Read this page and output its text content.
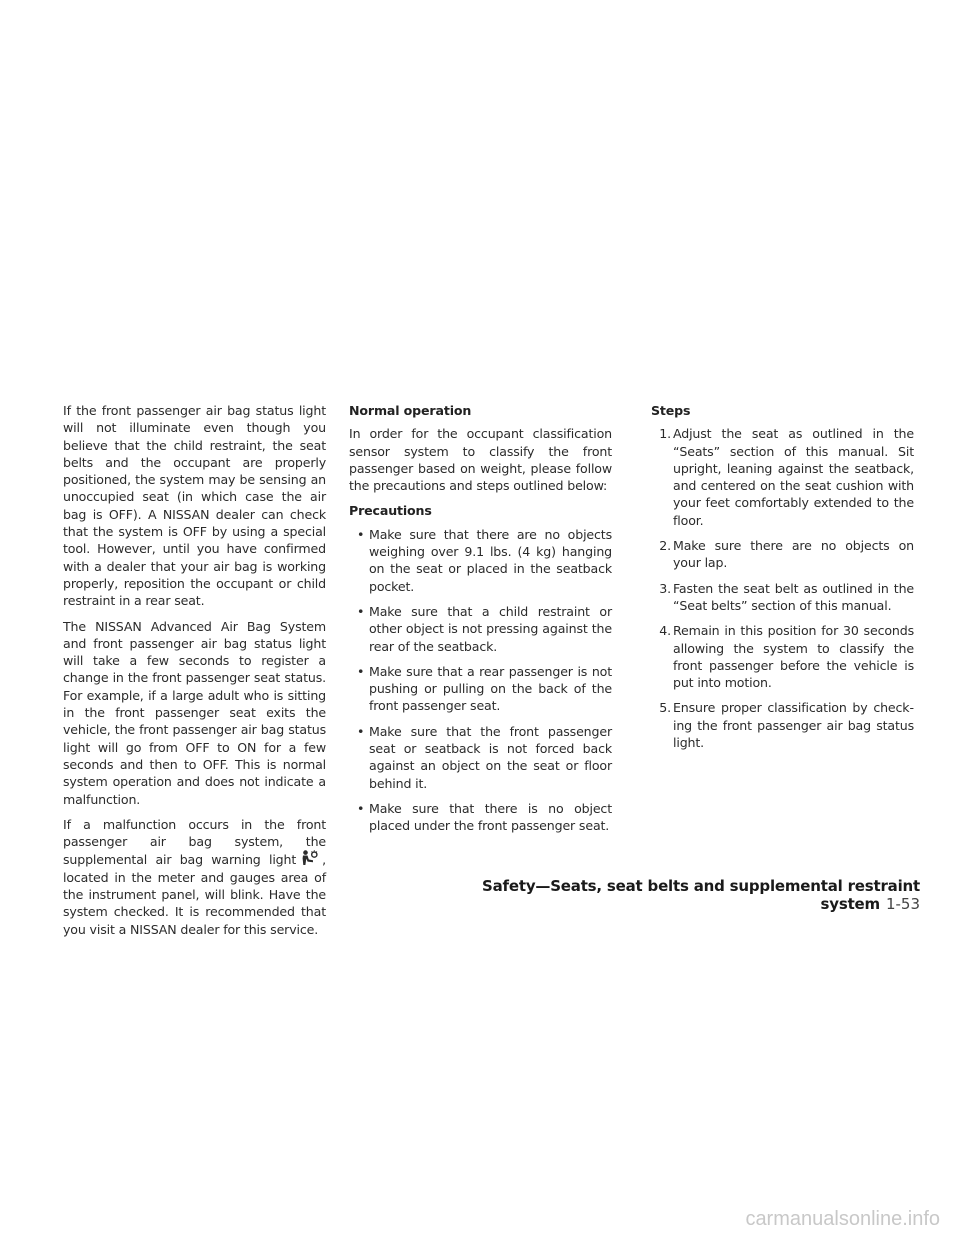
If the front passenger air bag status light will not illuminate even though you believe that the child restraint, the seat belts and the occupant are properly positioned, the system may be sensing an unoccupied seat (in which case the air bag is OFF). A NISSAN dealer can check that the system is OFF by using a special tool. However, until you have confirmed with a dealer that your air bag is working properly, reposition the occupant or child restraint in a rear seat.

The NISSAN Advanced Air Bag System and front passenger air bag status light will take a few seconds to register a change in the front passenger seat status. For example, if a large adult who is sitting in the front passenger seat exits the vehicle, the front passenger air bag status light will go from OFF to ON for a few seconds and then to OFF. This is normal system operation and does not indicate a malfunction.

If a malfunction occurs in the front passenger air bag system, the supplemental air bag warning light , located in the meter and gauges area of the instrument panel, will blink. Have the system checked. It is recommended that you visit a NISSAN dealer for this service.

Normal operation

In order for the occupant classification sensor system to classify the front passenger based on weight, please follow the precautions and steps outlined below:

Precautions
• Make sure that there are no objects weighing over 9.1 lbs. (4 kg) hanging on the seat or placed in the seatback pocket.
• Make sure that a child restraint or other object is not pressing against the rear of the seatback.
• Make sure that a rear passenger is not pushing or pulling on the back of the front passenger seat.
• Make sure that the front passenger seat or seatback is not forced back against an object on the seat or floor behind it.
• Make sure that there is no object placed under the front passenger seat.
Steps
1. Adjust the seat as outlined in the “Seats” section of this manual. Sit upright, leaning against the seatback, and centered on the seat cushion with your feet comfortably extended to the floor.
2. Make sure there are no objects on your lap.
3. Fasten the seat belt as outlined in the “Seat belts” section of this manual.
4. Remain in this position for 30 seconds allowing the system to classify the front passenger before the vehicle is put into motion.
5. Ensure proper classification by checking the front passenger air bag status light.
Safety—Seats, seat belts and supplemental restraint system 1-53
carmanualsonline.info
